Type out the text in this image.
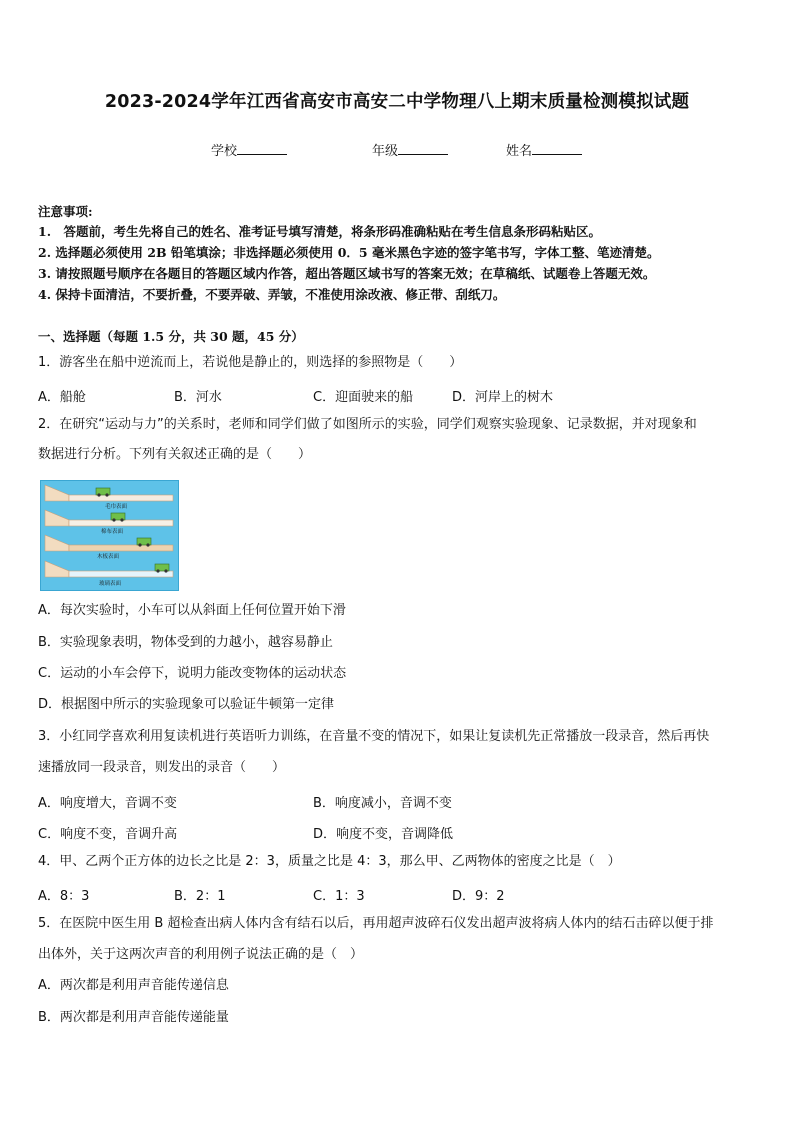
2023-2024学年江西省高安市高安二中学物理八上期末质量检测模拟试题
学校	年级	姓名
注意事项:
1.　答题前，考生先将自己的姓名、准考证号填写清楚，将条形码准确粘贴在考生信息条形码粘贴区。
2. 选择题必须使用 2B 铅笔填涂；非选择题必须使用 0．5 毫米黑色字迹的签字笔书写，字体工整、笔迹清楚。
3. 请按照题号顺序在各题目的答题区域内作答，超出答题区域书写的答案无效；在草稿纸、试题卷上答题无效。
4. 保持卡面清洁，不要折叠，不要弄破、弄皱，不准使用涂改液、修正带、刮纸刀。
一、选择题（每题 1.5 分，共 30 题，45 分）
1．游客坐在船中逆流而上，若说他是静止的，则选择的参照物是（　　）
A．船舱	B．河水	C．迎面驶来的船	D．河岸上的树木
2．在研究“运动与力”的关系时，老师和同学们做了如图所示的实验，同学们观察实验现象、记录数据，并对现象和
数据进行分析。下列有关叙述正确的是（　　）
毛巾表面
棉布表面
木板表面
玻璃表面
A．每次实验时，小车可以从斜面上任何位置开始下滑
B．实验现象表明，物体受到的力越小，越容易静止
C．运动的小车会停下，说明力能改变物体的运动状态
D．根据图中所示的实验现象可以验证牛顿第一定律
3．小红同学喜欢利用复读机进行英语听力训练，在音量不变的情况下，如果让复读机先正常播放一段录音，然后再快
速播放同一段录音，则发出的录音（　　）
A．响度增大，音调不变	B．响度减小，音调不变
C．响度不变，音调升高	D．响度不变，音调降低
4．甲、乙两个正方体的边长之比是 2：3，质量之比是 4：3，那么甲、乙两物体的密度之比是（　）
A．8：3	B．2：1	C．1：3	D．9：2
5．在医院中医生用 B 超检查出病人体内含有结石以后，再用超声波碎石仪发出超声波将病人体内的结石击碎以便于排
出体外，关于这两次声音的利用例子说法正确的是（　）
A．两次都是利用声音能传递信息
B．两次都是利用声音能传递能量
